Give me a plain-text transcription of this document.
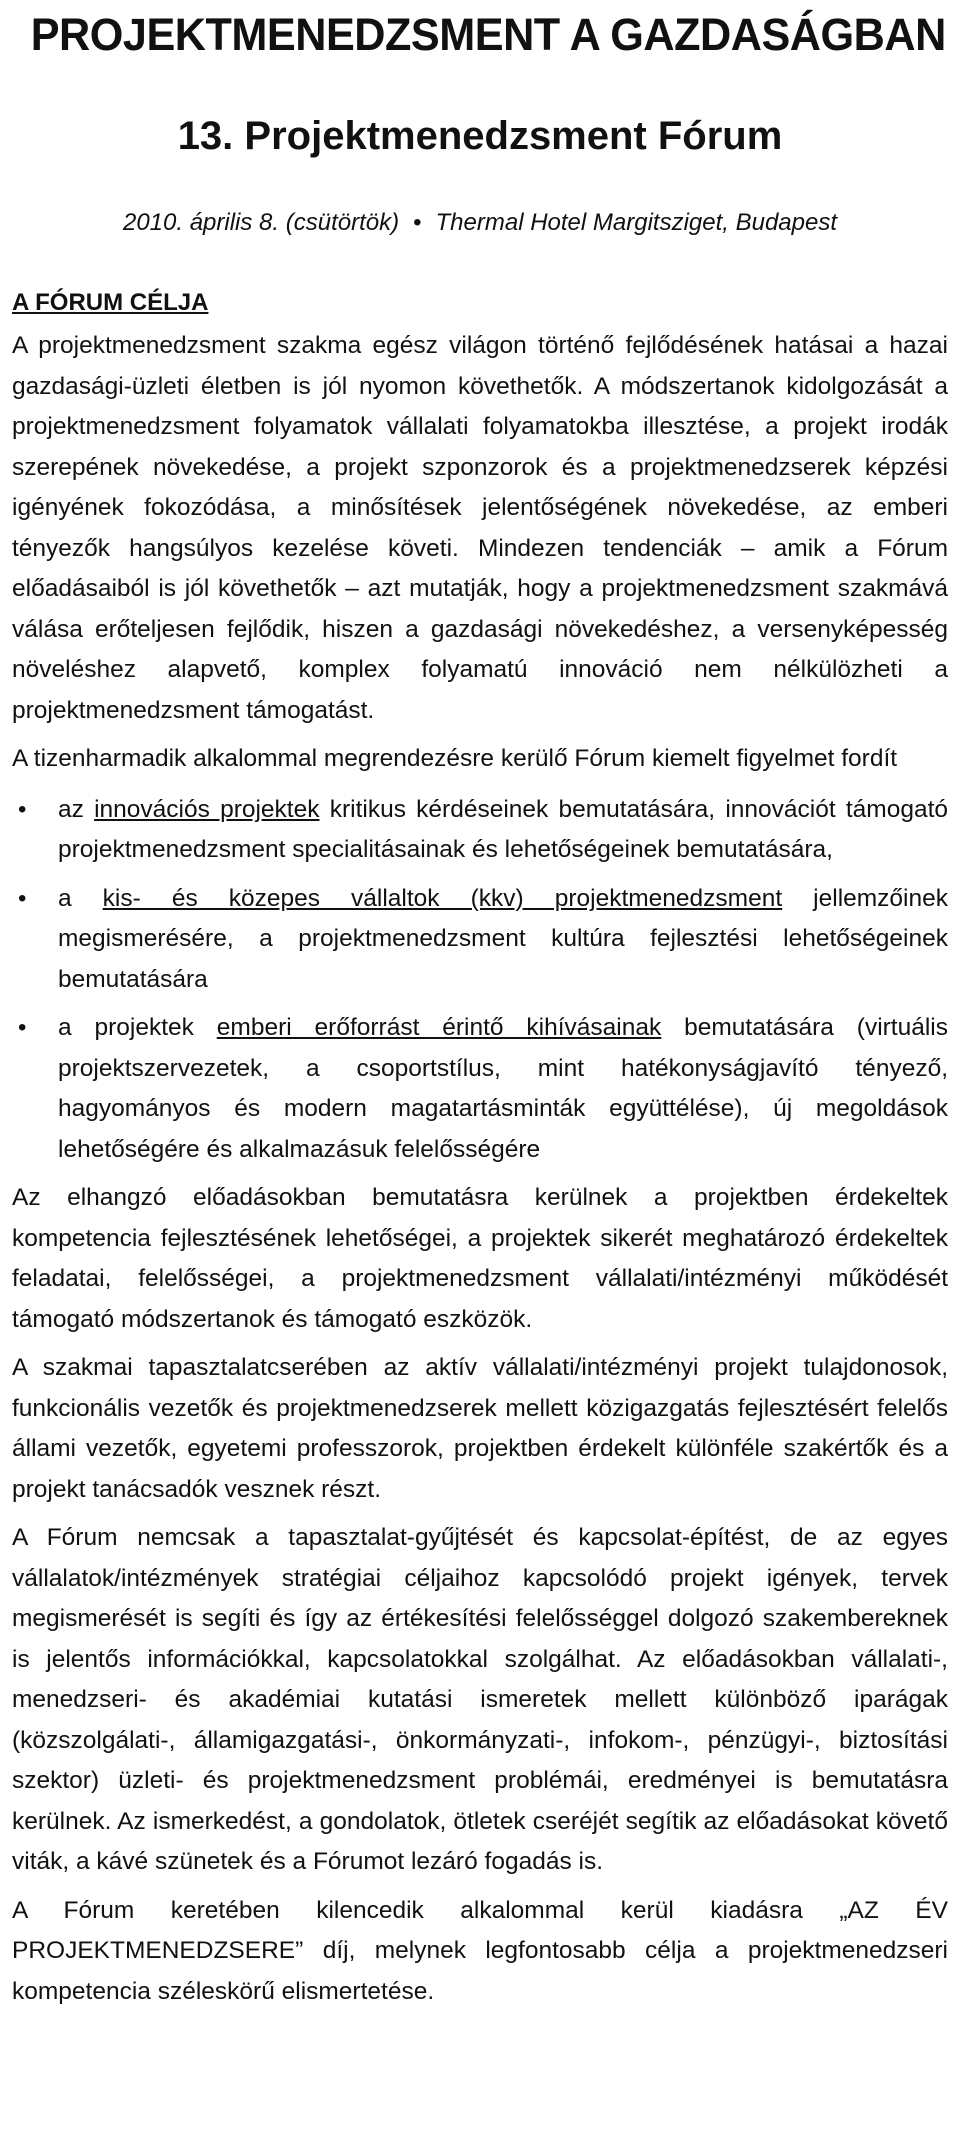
PROJEKTMENEDZSMENT A GAZDASÁGBAN
13. Projektmenedzsment Fórum
2010. április 8. (csütörtök) • Thermal Hotel Margitsziget, Budapest
A FÓRUM CÉLJA

A projektmenedzsment szakma egész világon történő fejlődésének hatásai a hazai gazdasági-üzleti életben is jól nyomon követhetők. A módszertanok kidolgozását a projektmenedzsment folyamatok vállalati folyamatokba illesztése, a projekt irodák szerepének növekedése, a projekt szponzorok és a projektmenedzserek képzési igényének fokozódása, a minősítések jelentőségének növekedése, az emberi tényezők hangsúlyos kezelése követi. Mindezen tendenciák – amik a Fórum előadásaiból is jól követhetők – azt mutatják, hogy a projektmenedzsment szakmává válása erőteljesen fejlődik, hiszen a gazdasági növekedéshez, a versenyképesség növeléshez alapvető, komplex folyamatú innováció nem nélkülözheti a projektmenedzsment támogatást.

A tizenharmadik alkalommal megrendezésre kerülő Fórum kiemelt figyelmet fordít

• az innovációs projektek kritikus kérdéseinek bemutatására, innovációt támogató projektmenedzsment specialitásainak és lehetőségeinek bemutatására,
• a kis- és közepes vállaltok (kkv) projektmenedzsment jellemzőinek megismerésére, a projektmenedzsment kultúra fejlesztési lehetőségeinek bemutatására
• a projektek emberi erőforrást érintő kihívásainak bemutatására (virtuális projektszervezetek, a csoportstílus, mint hatékonyságjavító tényező, hagyományos és modern magatartásminták együttélése), új megoldások lehetőségére és alkalmazásuk felelősségére

Az elhangzó előadásokban bemutatásra kerülnek a projektben érdekeltek kompetencia fejlesztésének lehetőségei, a projektek sikerét meghatározó érdekeltek feladatai, felelősségei, a projektmenedzsment vállalati/intézményi működését támogató módszertanok és támogató eszközök.

A szakmai tapasztalatcserében az aktív vállalati/intézményi projekt tulajdonosok, funkcionális vezetők és projektmenedzserek mellett közigazgatás fejlesztésért felelős állami vezetők, egyetemi professzorok, projektben érdekelt különféle szakértők és a projekt tanácsadók vesznek részt.

A Fórum nemcsak a tapasztalat-gyűjtését és kapcsolat-építést, de az egyes vállalatok/intézmények stratégiai céljaihoz kapcsolódó projekt igények, tervek megismerését is segíti és így az értékesítési felelősséggel dolgozó szakembereknek is jelentős információkkal, kapcsolatokkal szolgálhat. Az előadásokban vállalati-, menedzseri- és akadémiai kutatási ismeretek mellett különböző iparágak (közszolgálati-, államigazgatási-, önkormányzati-, infokom-, pénzügyi-, biztosítási szektor) üzleti- és projektmenedzsment problémái, eredményei is bemutatásra kerülnek. Az ismerkedést, a gondolatok, ötletek cseréjét segítik az előadásokat követő viták, a kávé szünetek és a Fórumot lezáró fogadás is.

A Fórum keretében kilencedik alkalommal kerül kiadásra „AZ ÉV PROJEKTMENEDZSERE” díj, melynek legfontosabb célja a projektmenedzseri kompetencia széleskörű elismertetése.
